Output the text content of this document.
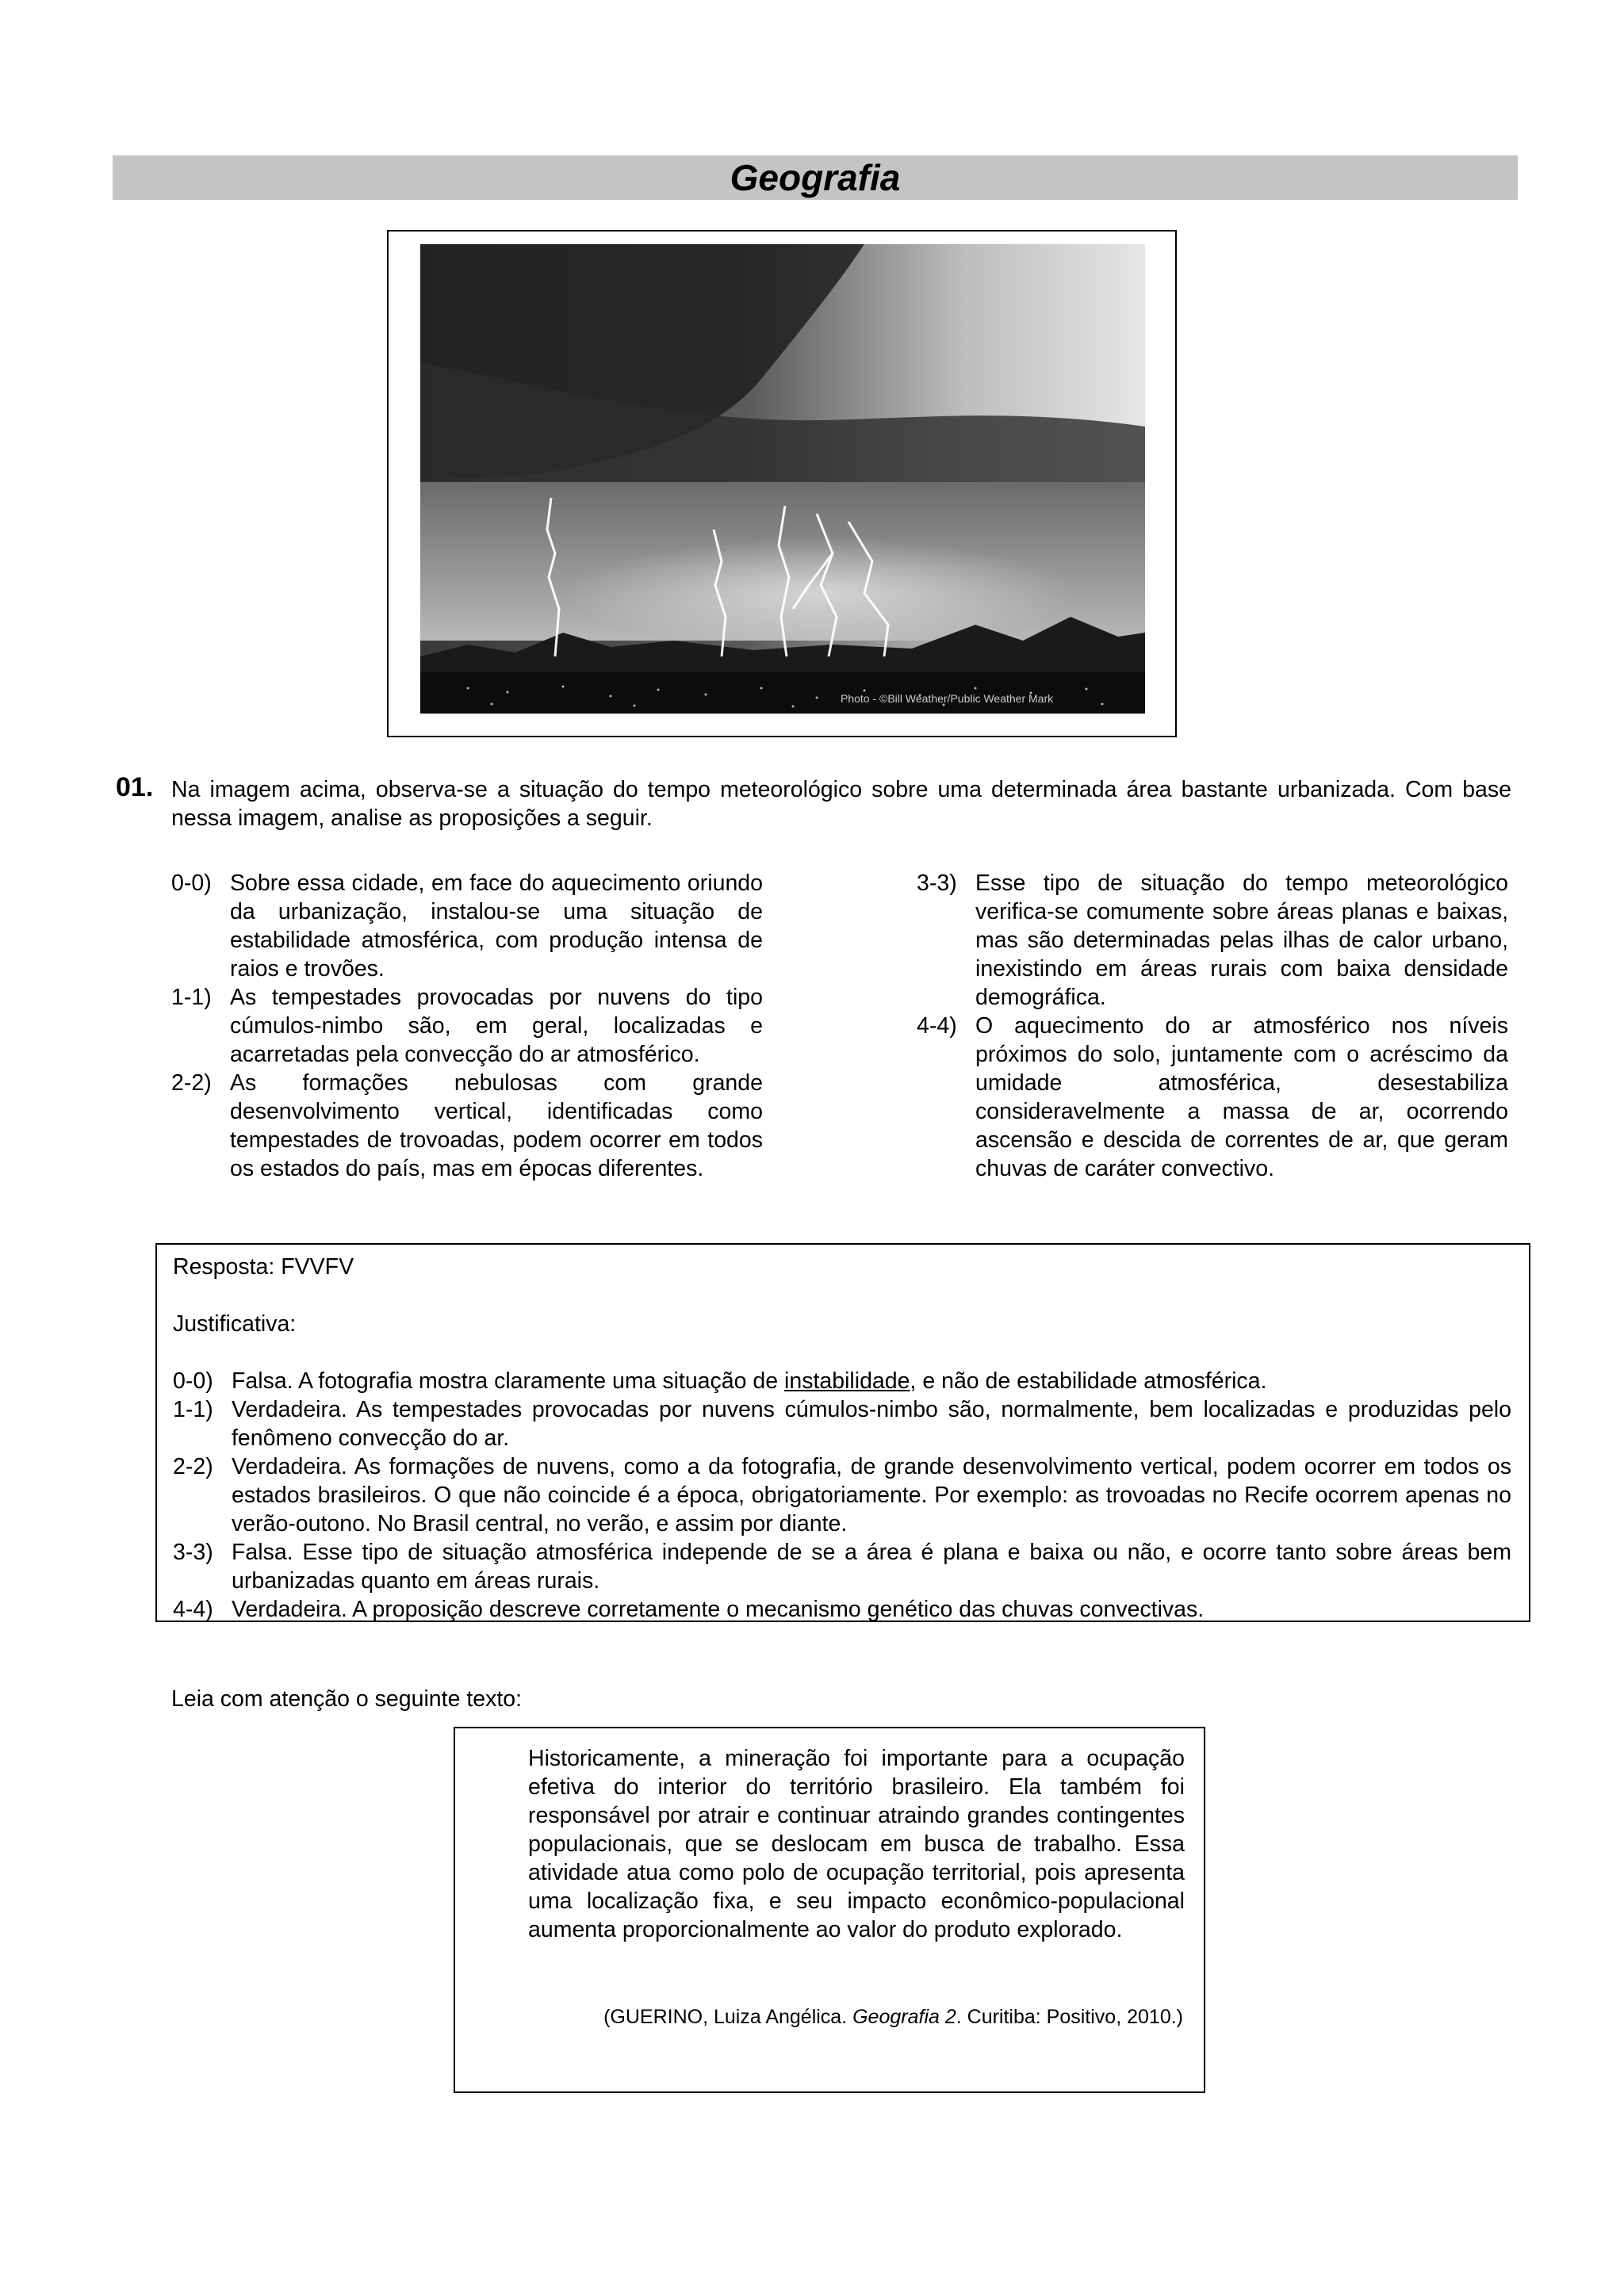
Geografia
Photo - ©Bill Weather/Public Weather Mark
01. Na imagem acima, observa-se a situação do tempo meteorológico sobre uma determinada área bastante urbanizada. Com base nessa imagem, analise as proposições a seguir.
0-0) Sobre essa cidade, em face do aquecimento oriundo da urbanização, instalou-se uma situação de estabilidade atmosférica, com produção intensa de raios e trovões.
1-1) As tempestades provocadas por nuvens do tipo cúmulos-nimbo são, em geral, localizadas e acarretadas pela convecção do ar atmosférico.
2-2) As formações nebulosas com grande desenvolvimento vertical, identificadas como tempestades de trovoadas, podem ocorrer em todos os estados do país, mas em épocas diferentes.
3-3) Esse tipo de situação do tempo meteorológico verifica-se comumente sobre áreas planas e baixas, mas são determinadas pelas ilhas de calor urbano, inexistindo em áreas rurais com baixa densidade demográfica.
4-4) O aquecimento do ar atmosférico nos níveis próximos do solo, juntamente com o acréscimo da umidade atmosférica, desestabiliza consideravelmente a massa de ar, ocorrendo ascensão e descida de correntes de ar, que geram chuvas de caráter convectivo.
Resposta: FVVFV
Justificativa:
0-0) Falsa. A fotografia mostra claramente uma situação de instabilidade, e não de estabilidade atmosférica.
1-1) Verdadeira. As tempestades provocadas por nuvens cúmulos-nimbo são, normalmente, bem localizadas e produzidas pelo fenômeno convecção do ar.
2-2) Verdadeira. As formações de nuvens, como a da fotografia, de grande desenvolvimento vertical, podem ocorrer em todos os estados brasileiros. O que não coincide é a época, obrigatoriamente. Por exemplo: as trovoadas no Recife ocorrem apenas no verão-outono. No Brasil central, no verão, e assim por diante.
3-3) Falsa. Esse tipo de situação atmosférica independe de se a área é plana e baixa ou não, e ocorre tanto sobre áreas bem urbanizadas quanto em áreas rurais.
4-4) Verdadeira. A proposição descreve corretamente o mecanismo genético das chuvas convectivas.
Leia com atenção o seguinte texto:
Historicamente, a mineração foi importante para a ocupação efetiva do interior do território brasileiro. Ela também foi responsável por atrair e continuar atraindo grandes contingentes populacionais, que se deslocam em busca de trabalho. Essa atividade atua como polo de ocupação territorial, pois apresenta uma localização fixa, e seu impacto econômico-populacional aumenta proporcionalmente ao valor do produto explorado.
(GUERINO, Luiza Angélica. Geografia 2. Curitiba: Positivo, 2010.)
